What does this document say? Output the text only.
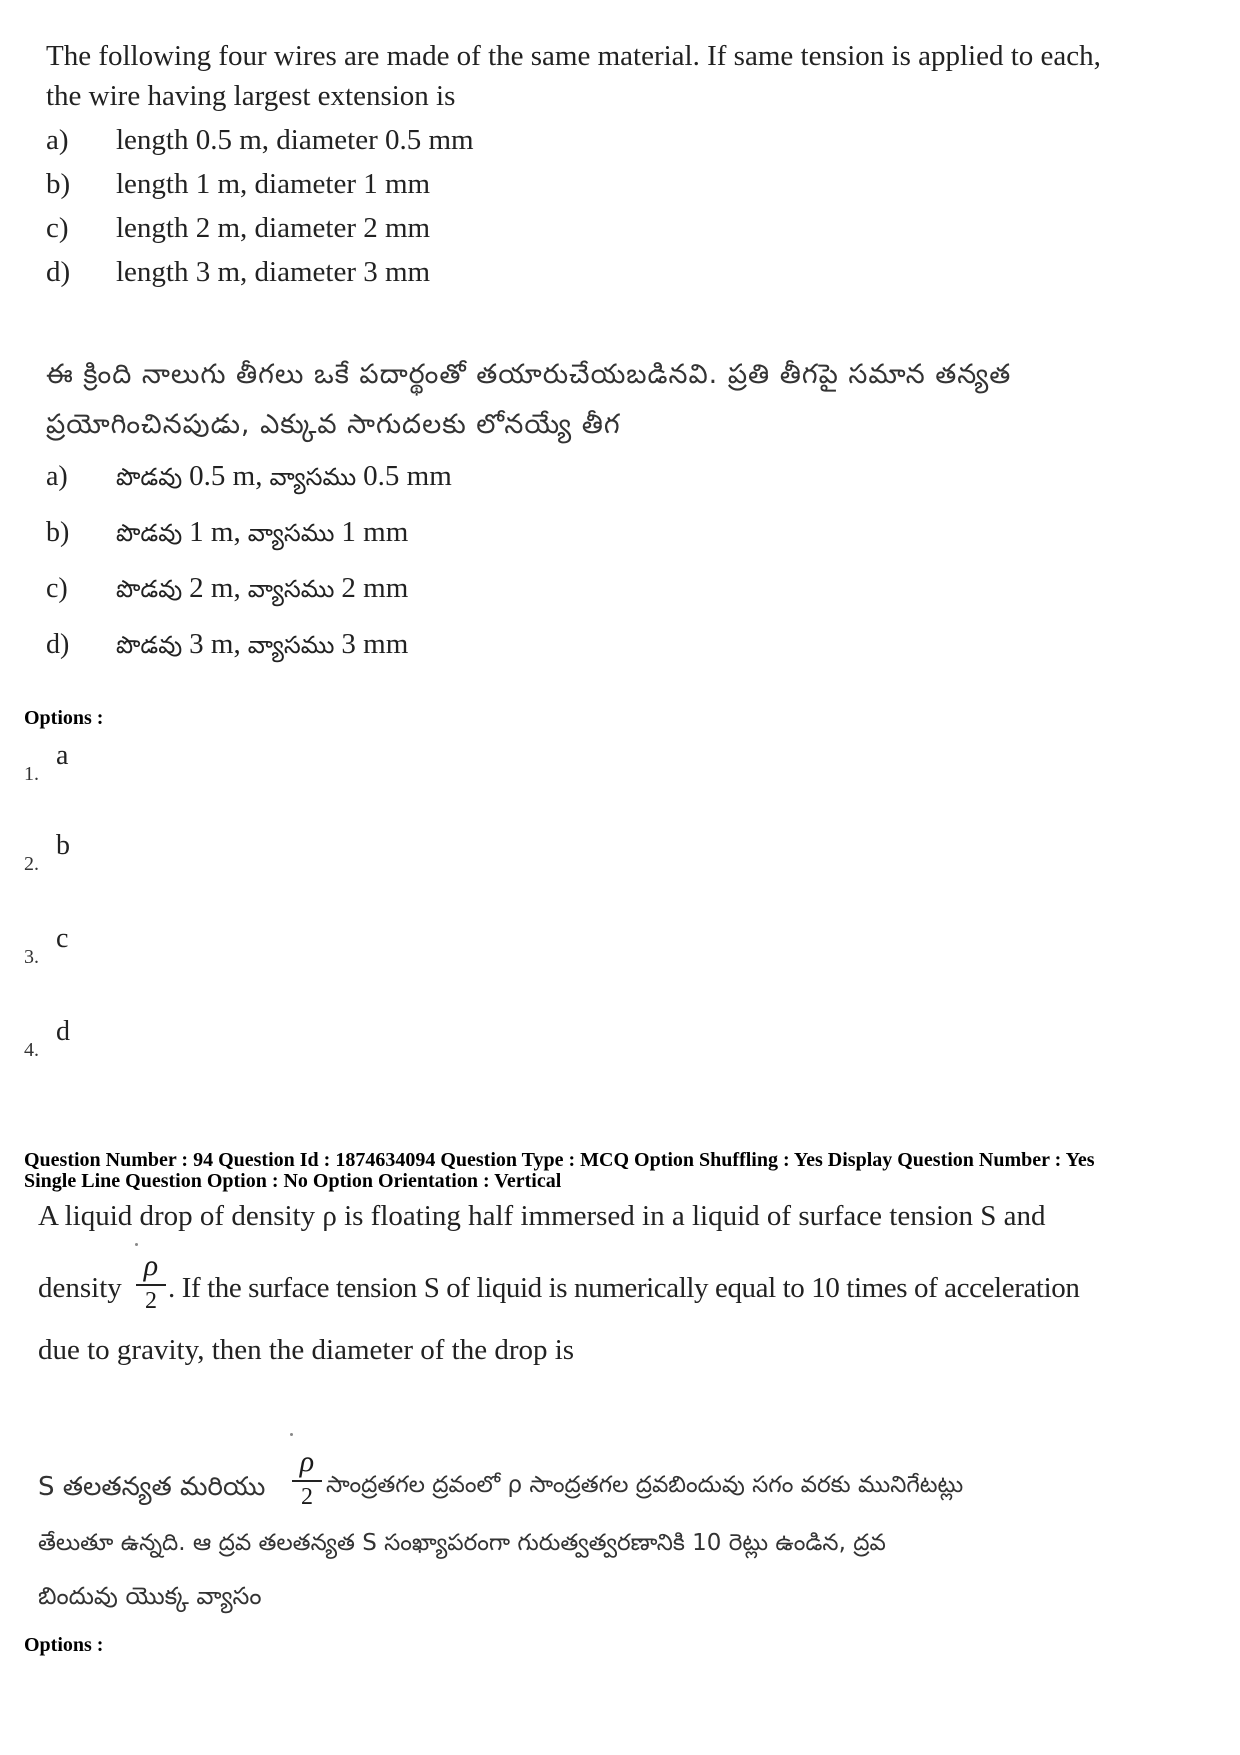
The following four wires are made of the same material. If same tension is applied to each,
the wire having largest extension is
a) length 0.5 m, diameter 0.5 mm
b) length 1 m, diameter 1 mm
c) length 2 m, diameter 2 mm
d) length 3 m, diameter 3 mm
ఈ క్రింది నాలుగు తీగలు ఒకే పదార్థంతో తయారుచేయబడినవి. ప్రతి తీగపై సమాన తన్యత
ప్రయోగించినపుడు, ఎక్కువ సాగుదలకు లోనయ్యే తీగ
a) పొడవు 0.5 m, వ్యాసము 0.5 mm
b) పొడవు 1 m, వ్యాసము 1 mm
c) పొడవు 2 m, వ్యాసము 2 mm
d) పొడవు 3 m, వ్యాసము 3 mm
Options :
1.
a
2.
b
3.
c
4.
d
Question Number : 94 Question Id : 1874634094 Question Type : MCQ Option Shuffling : Yes Display Question Number : Yes
Single Line Question Option : No Option Orientation : Vertical
A liquid drop of density ρ is floating half immersed in a liquid of surface tension S and
density
ρ
2 . If the surface tension S of liquid is numerically equal to 10 times of acceleration
due to gravity, then the diameter of the drop is
S తలతన్యత మరియు
ρ
2 సాంద్రతగల ద్రవంలో ρ సాంద్రతగల ద్రవబిందువు సగం వరకు మునిగేటట్లు
తేలుతూ ఉన్నది. ఆ ద్రవ తలతన్యత S సంఖ్యాపరంగా గురుత్వత్వరణానికి 10 రెట్లు ఉండిన, ద్రవ
బిందువు యొక్క వ్యాసం
Options :
